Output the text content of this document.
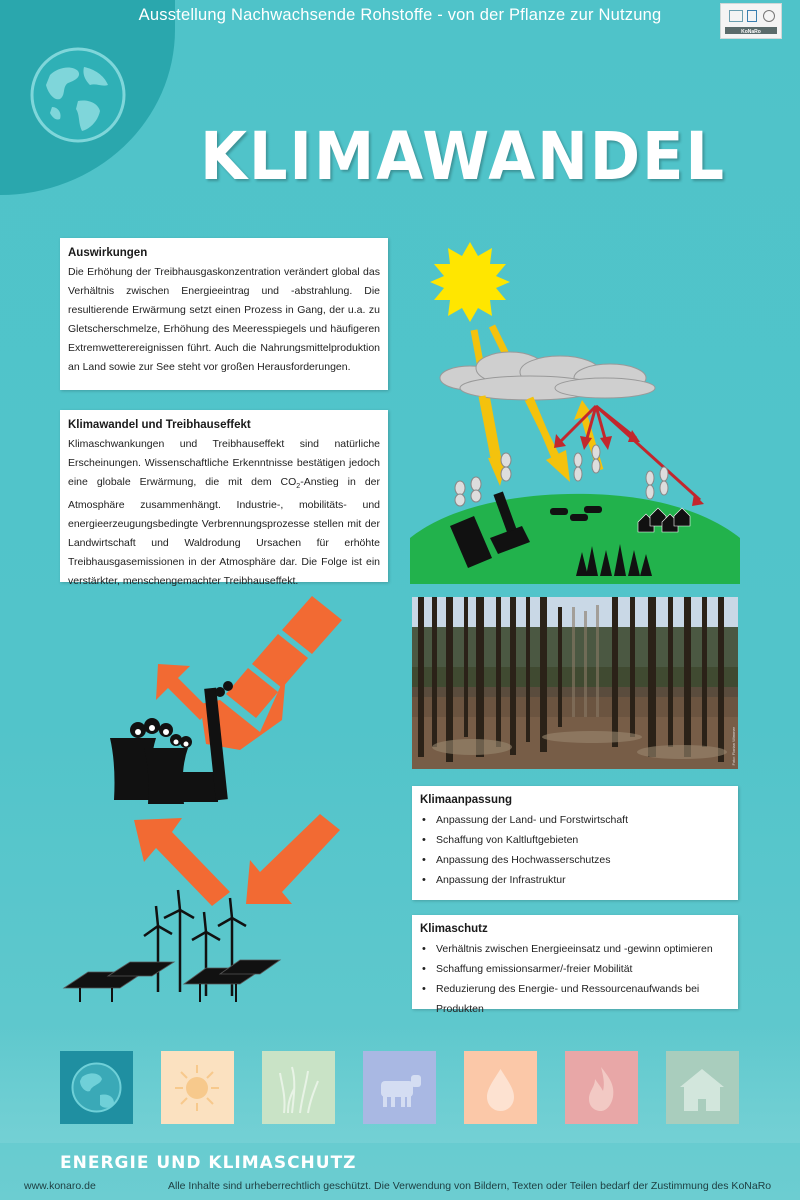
Ausstellung Nachwachsende Rohstoffe - von der Pflanze zur Nutzung
KoNaRo
KLIMAWANDEL
Auswirkungen

Die Erhöhung der Treibhausgaskonzentration verändert global das Verhältnis zwischen Energieeintrag und -abstrahlung. Die resultierende Erwärmung setzt einen Prozess in Gang, der u.a. zu Gletscherschmelze, Erhöhung des Meeresspiegels und häufigeren Extremwetterereignissen führt. Auch die Nahrungsmittelproduktion an Land sowie zur See steht vor großen Herausforderungen.

Klimawandel und Treibhauseffekt

Klimaschwankungen und Treibhauseffekt sind natürliche Erscheinungen. Wissenschaftliche Erkenntnisse bestätigen jedoch eine globale Erwärmung, die mit dem $CO_2$-Anstieg in der Atmosphäre zusammenhängt. Industrie-, mobilitäts- und energieerzeugungsbedingte Verbrennungsprozesse stellen mit der Landwirtschaft und Waldrodung Ursachen für erhöhte Treibhausgasemissionen in der Atmosphäre dar. Die Folge ist ein verstärkter, menschengemachter Treibhauseffekt.

Foto: Florian Wimmer
Klimaanpassung
• Anpassung der Land- und Forstwirtschaft
• Schaffung von Kaltluftgebieten
• Anpassung des Hochwasserschutzes
• Anpassung der Infrastruktur
Klimaschutz
• Verhältnis zwischen Energieeinsatz und -gewinn optimieren
• Schaffung emissionsarmer/-freier Mobilität
• Reduzierung des Energie- und Ressourcenaufwands bei Produkten
ENERGIE UND KLIMASCHUTZ
www.konaro.de	Alle Inhalte sind urheberrechtlich geschützt. Die Verwendung von Bildern, Texten oder Teilen bedarf der Zustimmung des KoNaRo
